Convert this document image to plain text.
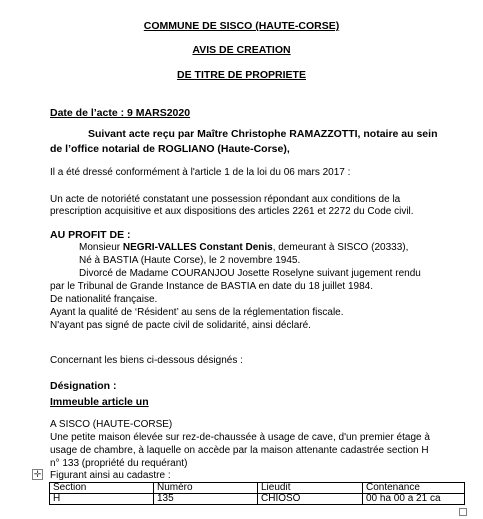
COMMUNE DE SISCO (HAUTE-CORSE)
AVIS DE CREATION
DE TITRE DE PROPRIETE
Date de l’acte : 9 MARS2020
Suivant acte reçu par Maître Christophe RAMAZZOTTI, notaire au sein
de l’office notarial de ROGLIANO (Haute-Corse),
Il a été dressé conformément à l'article 1 de la loi du 06 mars 2017 :
Un acte de notoriété constatant une possession répondant aux conditions de la
prescription acquisitive et aux dispositions des articles 2261 et 2272 du Code civil.
AU PROFIT DE :
Monsieur NEGRI-VALLES Constant Denis, demeurant à SISCO (20333),
Né à BASTIA (Haute Corse), le 2 novembre 1945.
Divorcé de Madame COURANJOU Josette Roselyne suivant jugement rendu
par le Tribunal de Grande Instance de BASTIA en date du 18 juillet 1984.
De nationalité française.
Ayant la qualité de ‘Résident’ au sens de la réglementation fiscale.
N'ayant pas signé de pacte civil de solidarité, ainsi déclaré.
Concernant les biens ci-dessous désignés :
Désignation :
Immeuble article un
A SISCO (HAUTE-CORSE)
Une petite maison élevée sur rez-de-chaussée à usage de cave, d'un premier étage à
usage de chambre, à laquelle on accède par la maison attenante cadastrée section H
n° 133 (propriété du requérant)
Figurant ainsi au cadastre :
✛
Section	Numéro	Lieudit	Contenance
H	135	CHIOSO	00 ha 00 a 21 ca
